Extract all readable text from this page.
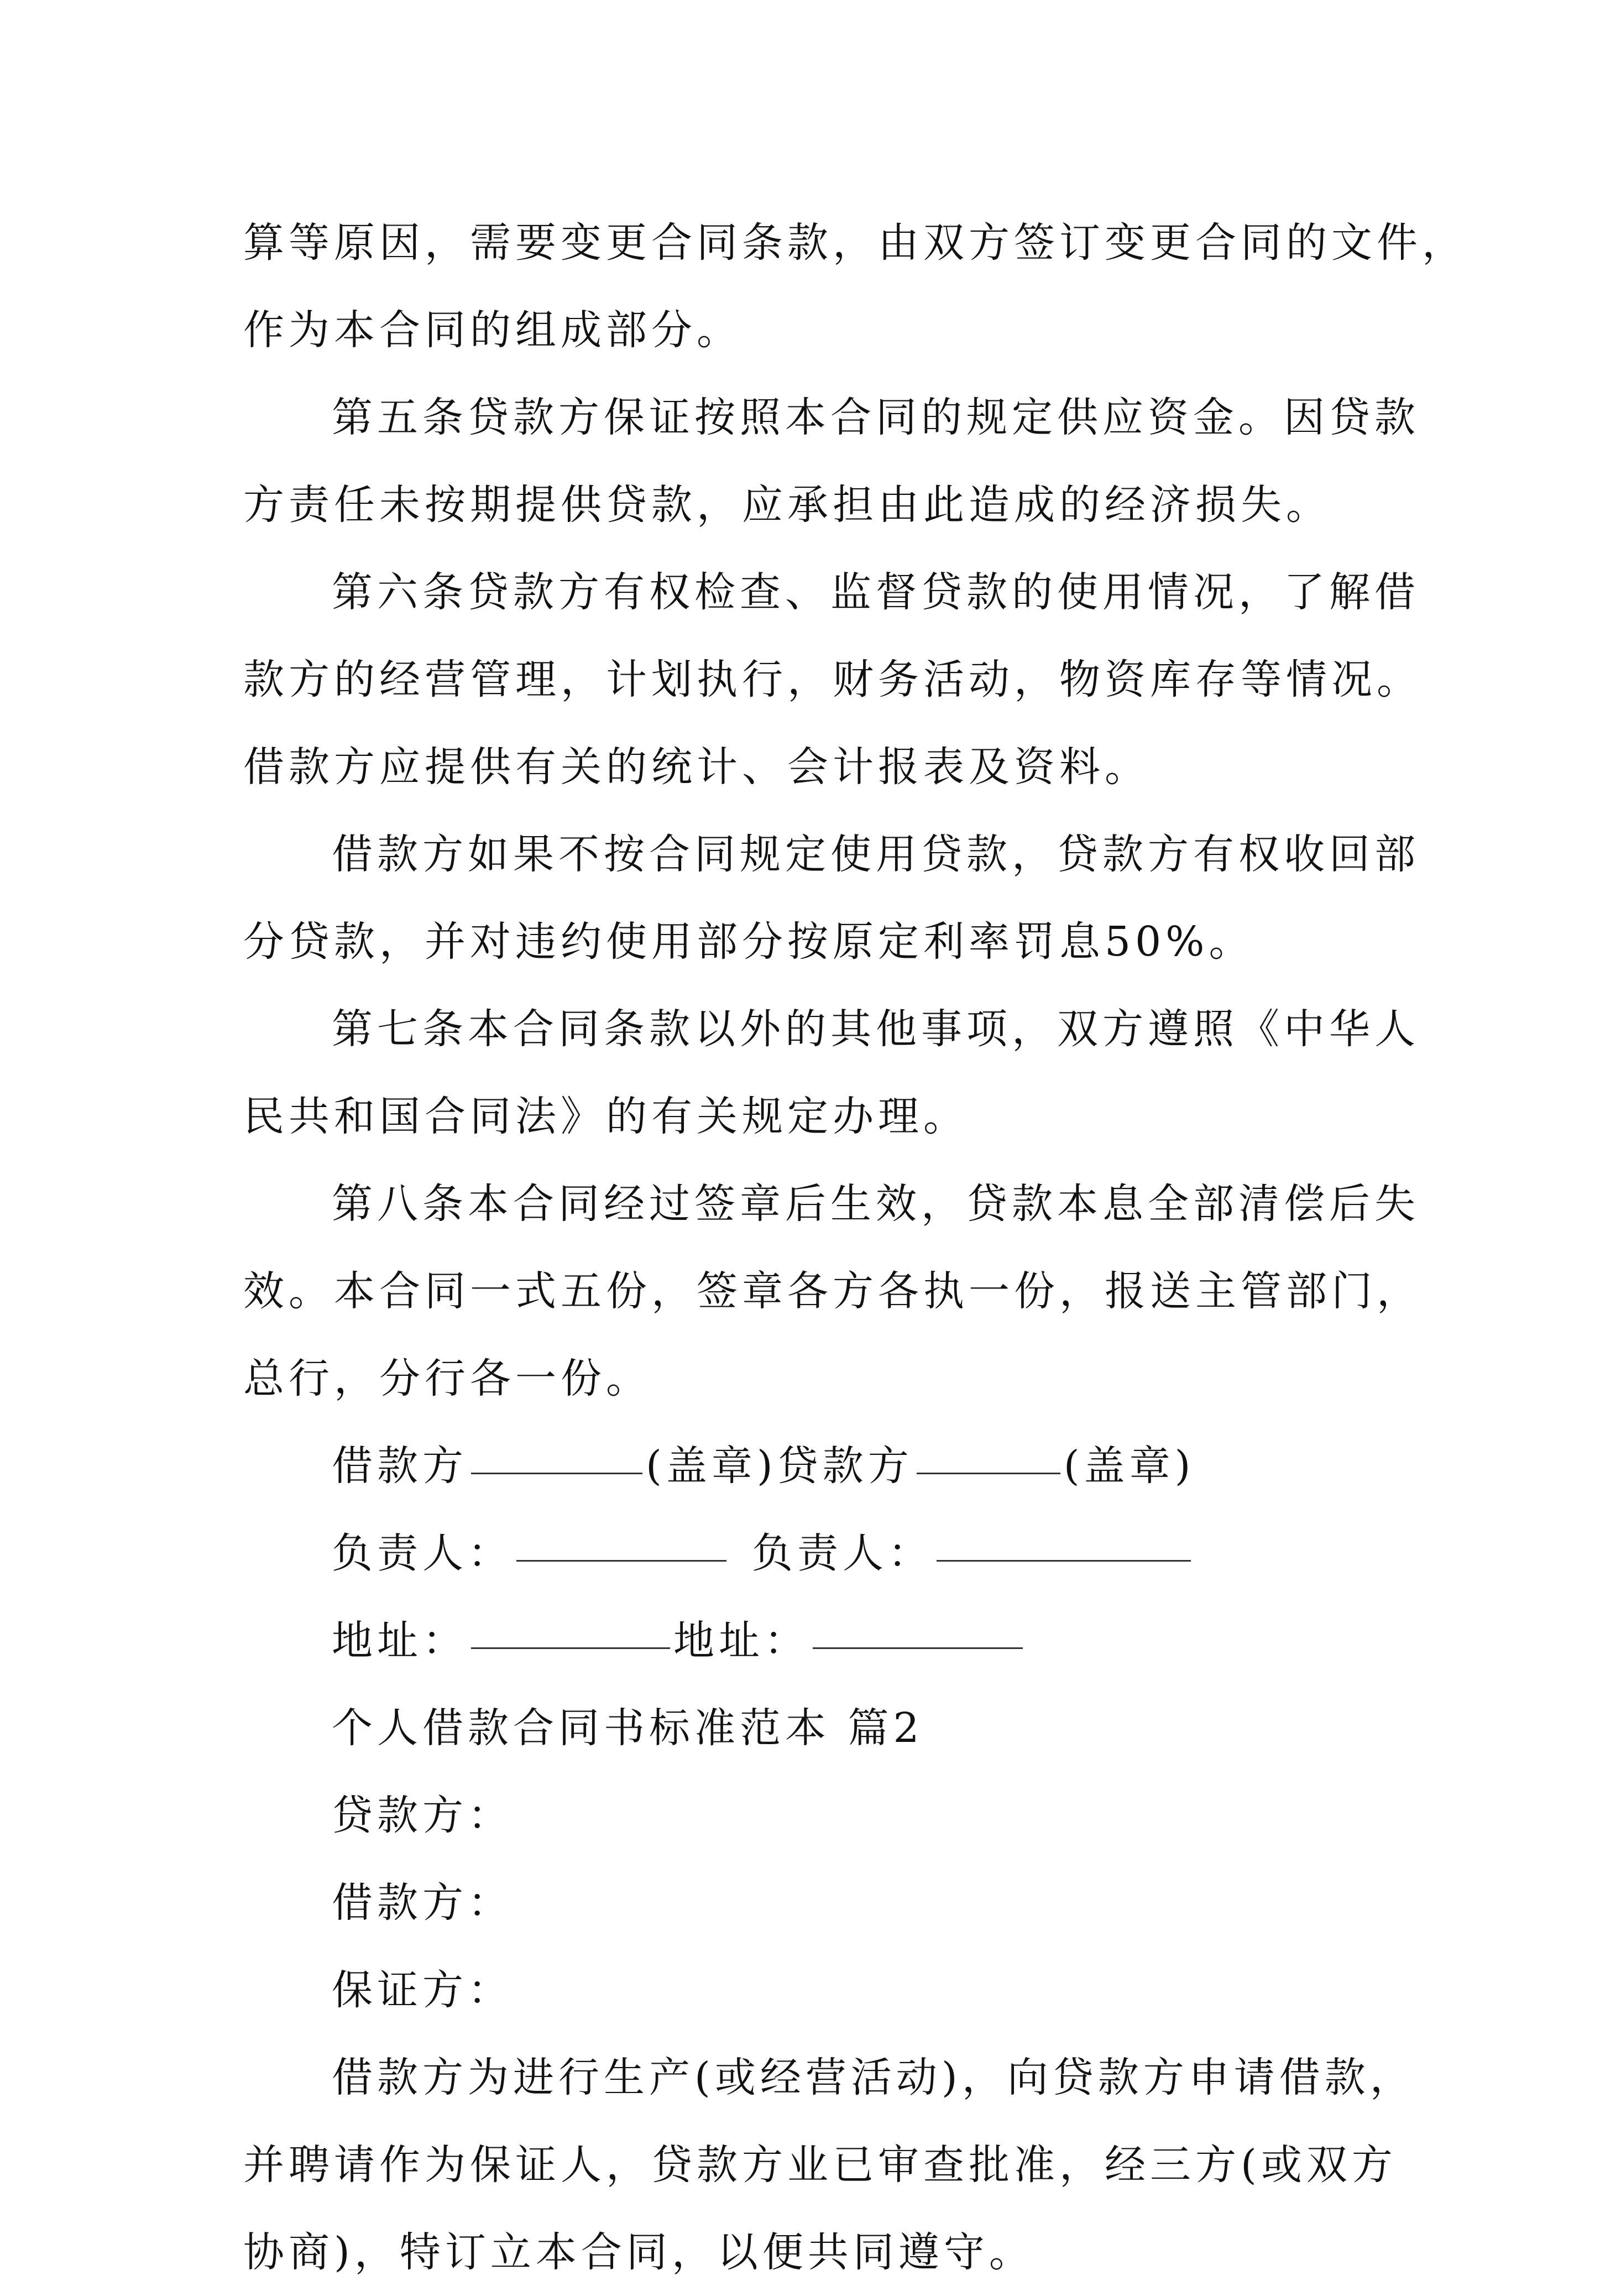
算等原因，需要变更合同条款，由双方签订变更合同的文件，
作为本合同的组成部分。
第五条贷款方保证按照本合同的规定供应资金。因贷款
方责任未按期提供贷款，应承担由此造成的经济损失。
第六条贷款方有权检查、监督贷款的使用情况，了解借
款方的经营管理，计划执行，财务活动，物资库存等情况。
借款方应提供有关的统计、会计报表及资料。
借款方如果不按合同规定使用贷款，贷款方有权收回部
分贷款，并对违约使用部分按原定利率罚息50%。
第七条本合同条款以外的其他事项，双方遵照《中华人
民共和国合同法》的有关规定办理。
第八条本合同经过签章后生效，贷款本息全部清偿后失
效。本合同一式五份，签章各方各执一份，报送主管部门，
总行，分行各一份。
借款方	(盖章)贷款方	(盖章)
负责人：	负责人：
地址：	地址：
个人借款合同书标准范本 篇2
贷款方：
借款方：
保证方：
借款方为进行生产(或经营活动)，向贷款方申请借款，
并聘请作为保证人，贷款方业已审查批准，经三方(或双方
协商)，特订立本合同，以便共同遵守。
